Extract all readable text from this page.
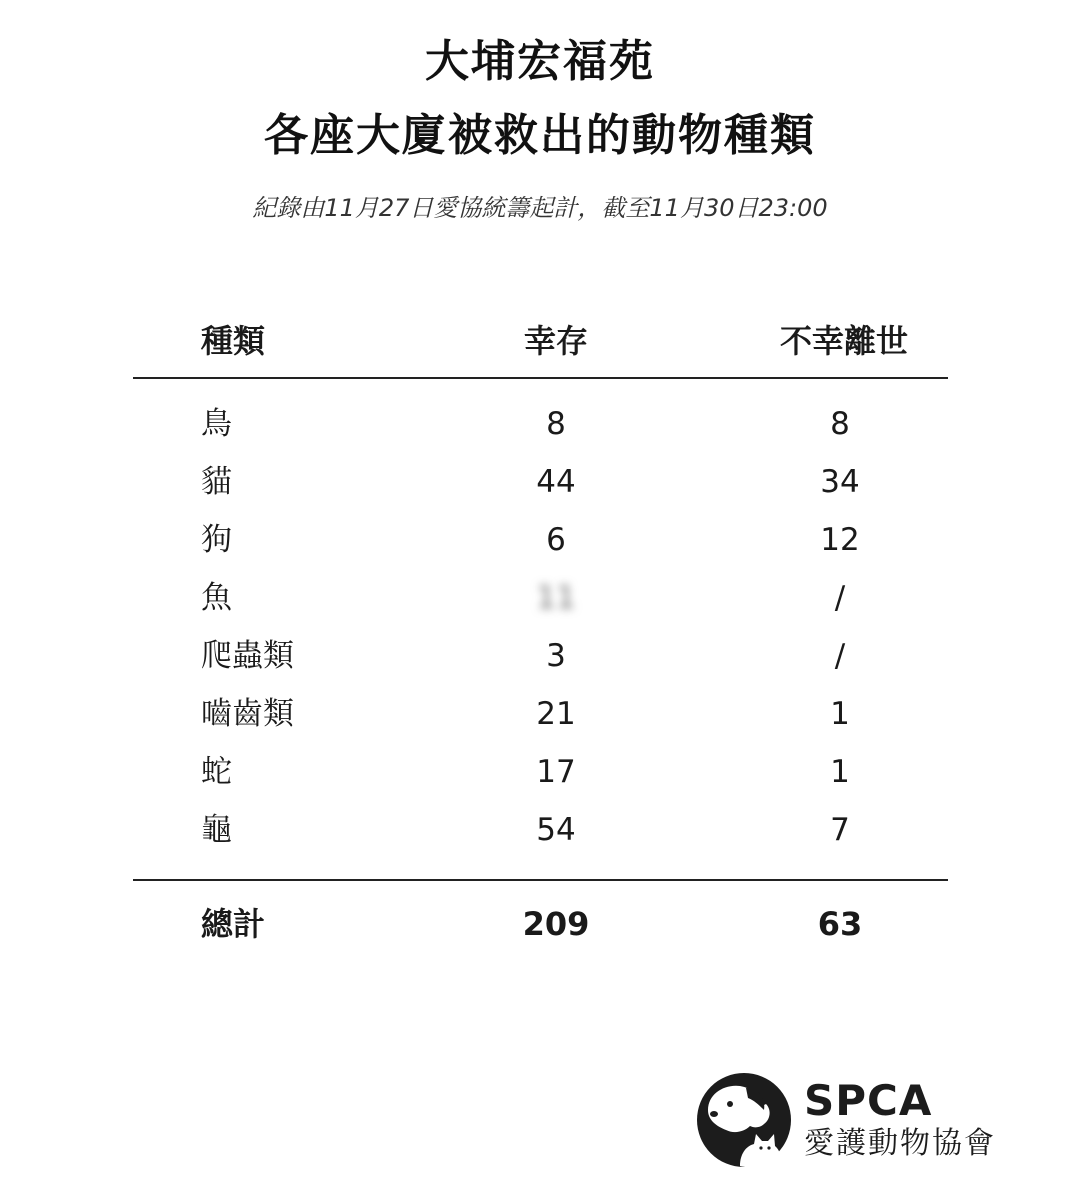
大埔宏福苑
各座大廈被救出的動物種類
紀錄由11月27日愛協統籌起計，截至11月30日23:00
種類	幸存	不幸離世
鳥	8	8
貓	44	34
狗	6	12
魚	11	/
爬蟲類	3	/
嚙齒類	21	1
蛇	17	1
龜	54	7
總計	209	63
SPCA
愛護動物協會
